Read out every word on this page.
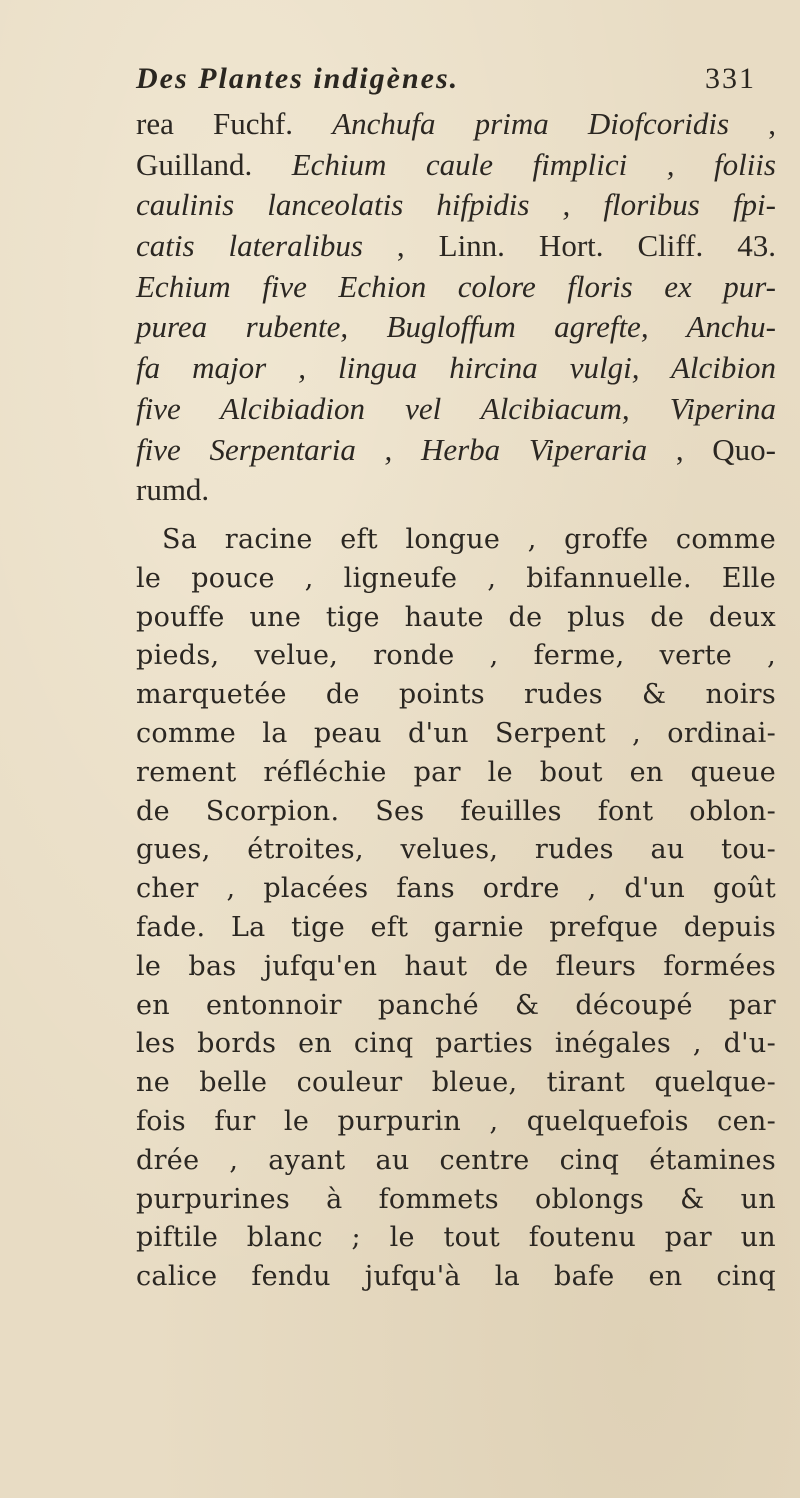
Des Plantes indigènes.	331
rea Fuchf. Anchufa prima Diofcoridis ,
Guilland. Echium caule fimplici , foliis
caulinis lanceolatis hifpidis , floribus fpi-
catis lateralibus , Linn. Hort. Cliff. 43.
Echium five Echion colore floris ex pur-
purea rubente, Bugloffum agrefte, Anchu-
fa major , lingua hircina vulgi, Alcibion
five Alcibiadion vel Alcibiacum, Viperina
five Serpentaria , Herba Viperaria , Quo-
rumd.
Sa racine eft longue , groffe comme
le pouce , ligneufe , bifannuelle. Elle
pouffe une tige haute de plus de deux
pieds, velue, ronde , ferme, verte ,
marquetée de points rudes & noirs
comme la peau d'un Serpent , ordinai-
rement réfléchie par le bout en queue
de Scorpion. Ses feuilles font oblon-
gues, étroites, velues, rudes au tou-
cher , placées fans ordre , d'un goût
fade. La tige eft garnie prefque depuis
le bas jufqu'en haut de fleurs formées
en entonnoir panché & découpé par
les bords en cinq parties inégales , d'u-
ne belle couleur bleue, tirant quelque-
fois fur le purpurin , quelquefois cen-
drée , ayant au centre cinq étamines
purpurines à fommets oblongs & un
piftile blanc ; le tout foutenu par un
calice fendu jufqu'à la bafe en cinq
